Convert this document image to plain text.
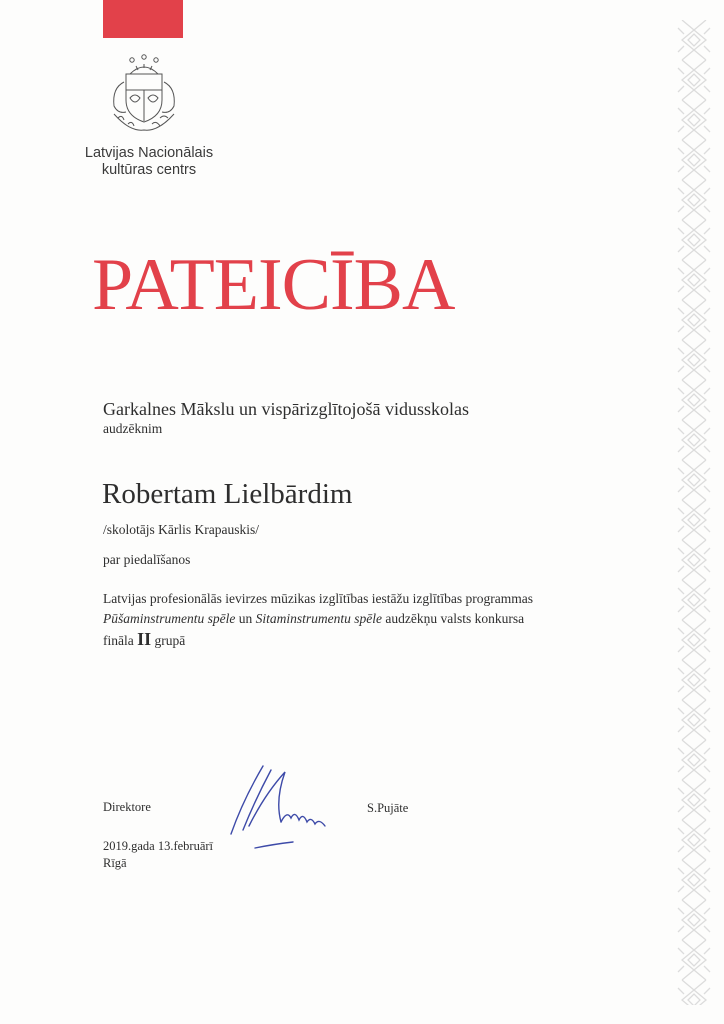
Latvijas Nacionālais
kultūras centrs
PATEICĪBA
Garkalnes Mākslu un vispārizglītojošā vidusskolas
audzēknim
Robertam Lielbārdim
/skolotājs Kārlis Krapauskis/
par piedalīšanos
Latvijas profesionālās ievirzes mūzikas izglītības iestāžu izglītības programmas
Pūšaminstrumentu spēle un Sitaminstrumentu spēle audzēkņu valsts konkursa
fināla II grupā
Direktore	S.Pujāte
2019.gada 13.februārī
Rīgā
